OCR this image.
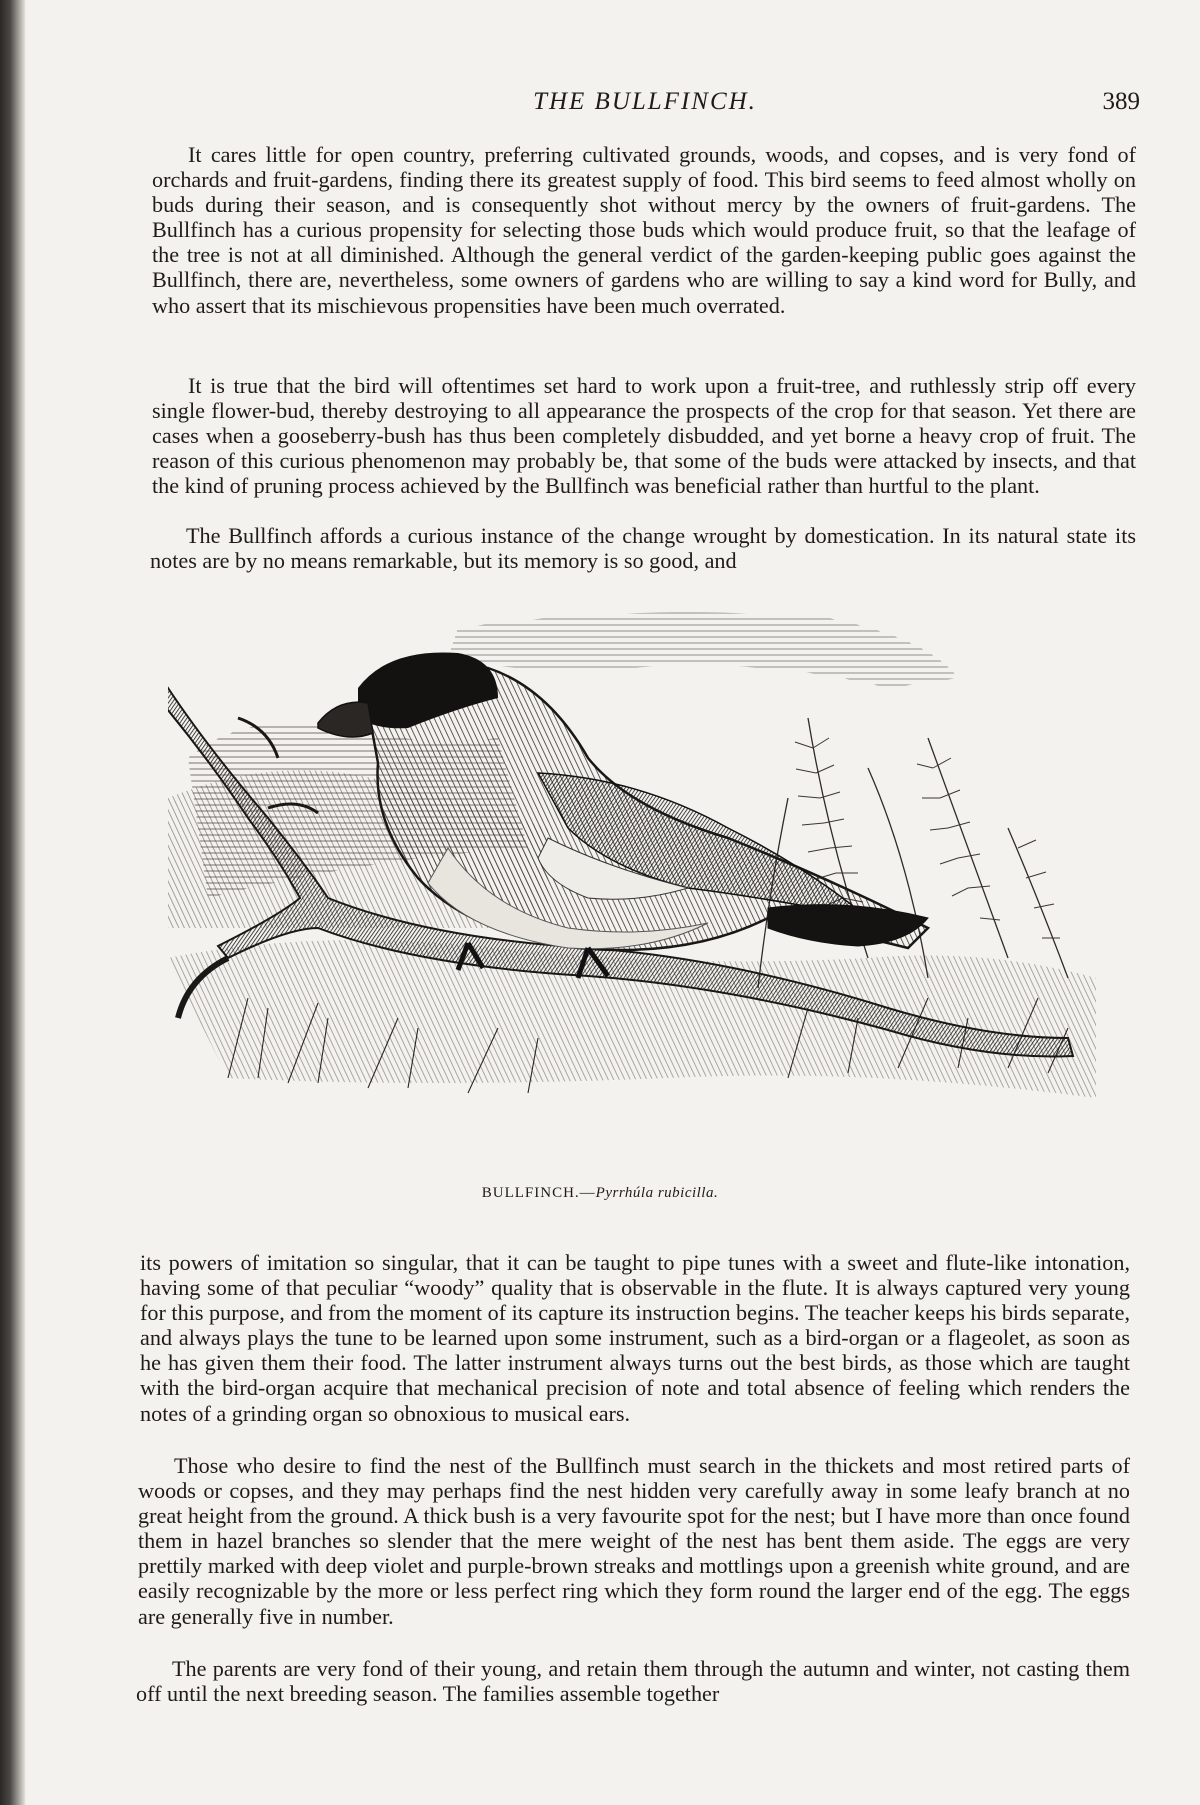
THE BULLFINCH.	389

It cares little for open country, preferring cultivated grounds, woods, and copses, and is very fond of orchards and fruit-gardens, finding there its greatest supply of food. This bird seems to feed almost wholly on buds during their season, and is consequently shot without mercy by the owners of fruit-gardens. The Bullfinch has a curious propensity for selecting those buds which would produce fruit, so that the leafage of the tree is not at all diminished. Although the general verdict of the garden-keeping public goes against the Bullfinch, there are, nevertheless, some owners of gardens who are willing to say a kind word for Bully, and who assert that its mischievous propensities have been much overrated.

It is true that the bird will oftentimes set hard to work upon a fruit-tree, and ruthlessly strip off every single flower-bud, thereby destroying to all appearance the prospects of the crop for that season. Yet there are cases when a gooseberry-bush has thus been completely disbudded, and yet borne a heavy crop of fruit. The reason of this curious phenomenon may probably be, that some of the buds were attacked by insects, and that the kind of pruning process achieved by the Bullfinch was beneficial rather than hurtful to the plant.

The Bullfinch affords a curious instance of the change wrought by domestication. In its natural state its notes are by no means remarkable, but its memory is so good, and

BULLFINCH.—Pyrrhúla rubicilla.

its powers of imitation so singular, that it can be taught to pipe tunes with a sweet and flute-like intonation, having some of that peculiar “woody” quality that is observable in the flute. It is always captured very young for this purpose, and from the moment of its capture its instruction begins. The teacher keeps his birds separate, and always plays the tune to be learned upon some instrument, such as a bird-organ or a flageolet, as soon as he has given them their food. The latter instrument always turns out the best birds, as those which are taught with the bird-organ acquire that mechanical precision of note and total absence of feeling which renders the notes of a grinding organ so obnoxious to musical ears.

Those who desire to find the nest of the Bullfinch must search in the thickets and most retired parts of woods or copses, and they may perhaps find the nest hidden very carefully away in some leafy branch at no great height from the ground. A thick bush is a very favourite spot for the nest; but I have more than once found them in hazel branches so slender that the mere weight of the nest has bent them aside. The eggs are very prettily marked with deep violet and purple-brown streaks and mottlings upon a greenish white ground, and are easily recognizable by the more or less perfect ring which they form round the larger end of the egg. The eggs are generally five in number.

The parents are very fond of their young, and retain them through the autumn and winter, not casting them off until the next breeding season. The families assemble together
